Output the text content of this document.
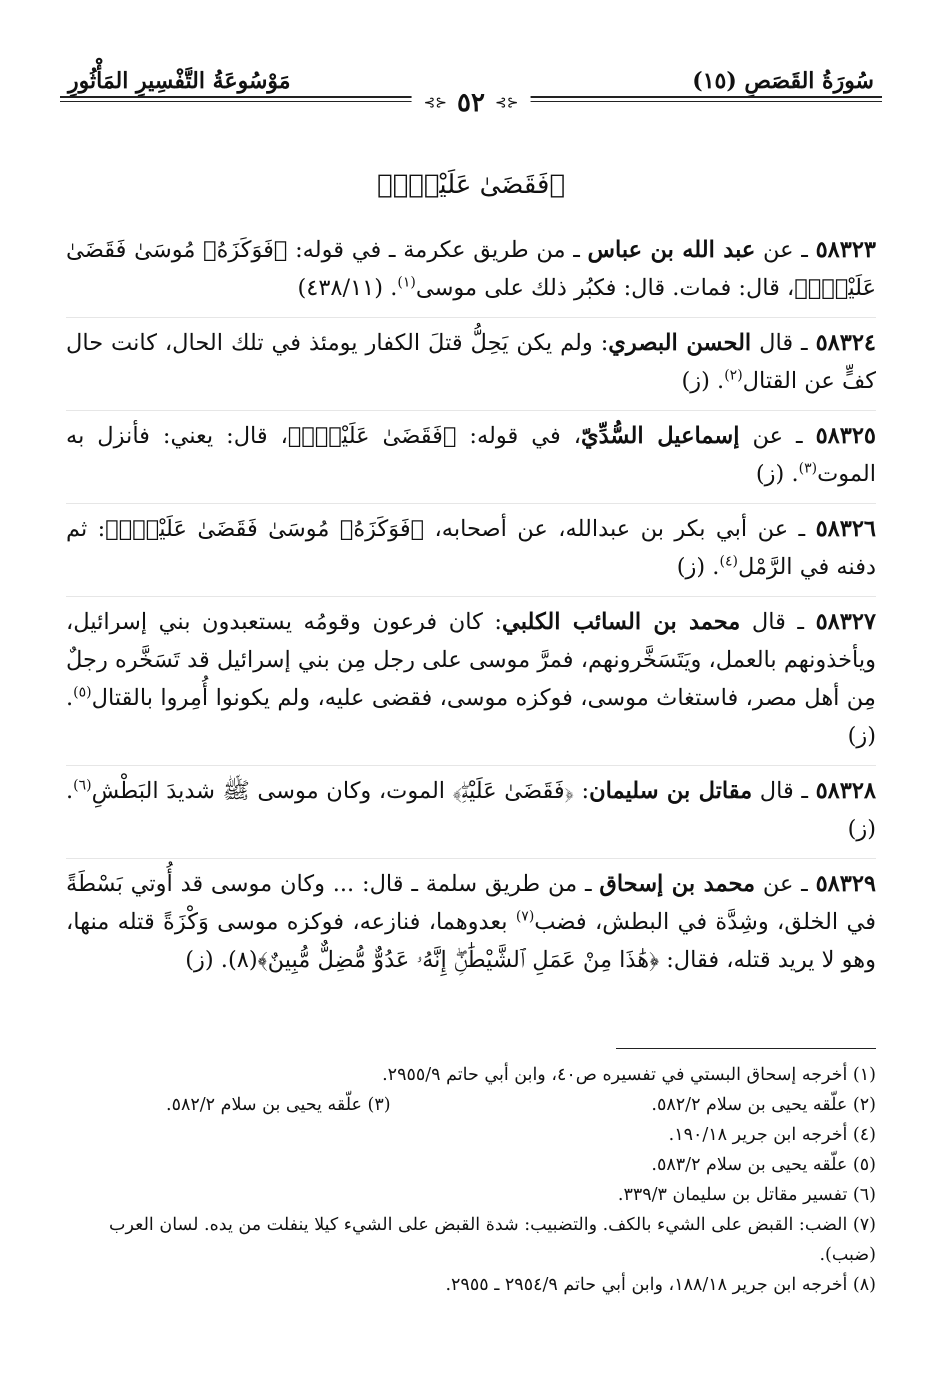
سُورَةُ القَصَصِ (١٥)
مَوْسُوعَةُ التَّفْسِيرِ المَأْثُورِ
⊰⊱
٥٢
⊰⊱
﴿فَقَضَىٰ عَلَيْهِۖ﴾
٥٨٣٢٣ ـ عن عبد الله بن عباس ـ من طريق عكرمة ـ في قوله: ﴿فَوَكَزَهُۥ مُوسَىٰ فَقَضَىٰ عَلَيْهِۖ﴾، قال: فمات. قال: فكبُر ذلك على موسى$^{(١)}$. (٤٣٨/١١)
٥٨٣٢٤ ـ قال الحسن البصري: ولم يكن يَحِلُّ قتلَ الكفار يومئذ في تلك الحال، كانت حال كفٍّ عن القتال$^{(٢)}$. (ز)
٥٨٣٢٥ ـ عن إسماعيل السُّدِّيّ، في قوله: ﴿فَقَضَىٰ عَلَيْهِۖ﴾، قال: يعني: فأنزل به الموت$^{(٣)}$. (ز)
٥٨٣٢٦ ـ عن أبي بكر بن عبدالله، عن أصحابه، ﴿فَوَكَزَهُۥ مُوسَىٰ فَقَضَىٰ عَلَيْهِۖ﴾: ثم دفنه في الرَّمْل$^{(٤)}$. (ز)
٥٨٣٢٧ ـ قال محمد بن السائب الكلبي: كان فرعون وقومُه يستعبدون بني إسرائيل، ويأخذونهم بالعمل، ويَتَسَخَّرونهم، فمرَّ موسى على رجل مِن بني إسرائيل قد تَسَخَّره رجلٌ مِن أهل مصر، فاستغاث موسى، فوكزه موسى، فقضى عليه، ولم يكونوا أُمِروا بالقتال$^{(٥)}$. (ز)
٥٨٣٢٨ ـ قال مقاتل بن سليمان: ﴿فَقَضَىٰ عَلَيْهِۖ﴾ الموت، وكان موسى ﷺ شديدَ البَطْشِ$^{(٦)}$. (ز)
٥٨٣٢٩ ـ عن محمد بن إسحاق ـ من طريق سلمة ـ قال: ... وكان موسى قد أُوتي بَسْطَةً في الخلق، وشِدَّة في البطش، فضب$^{(٧)}$ بعدوهما، فنازعه، فوكزه موسى وَكْزَةً قتله منها، وهو لا يريد قتله، فقال: ﴿هَٰذَا مِنْ عَمَلِ ٱلشَّيْطَٰنِۖ إِنَّهُۥ عَدُوٌّ مُّضِلٌّ مُّبِينٌ﴾(٨). (ز)
(١) أخرجه إسحاق البستي في تفسيره ص٤٠، وابن أبي حاتم ٢٩٥٥/٩.
(٢) علّقه يحيى بن سلام ٥٨٢/٢.
(٣) علّقه يحيى بن سلام ٥٨٢/٢.
(٤) أخرجه ابن جرير ١٩٠/١٨.
(٥) علّقه يحيى بن سلام ٥٨٣/٢.
(٦) تفسير مقاتل بن سليمان ٣٣٩/٣.
(٧) الضب: القبض على الشيء بالكف. والتضبيب: شدة القبض على الشيء كيلا ينفلت من يده. لسان العرب (ضبب).
(٨) أخرجه ابن جرير ١٨٨/١٨، وابن أبي حاتم ٢٩٥٤/٩ ـ ٢٩٥٥.
